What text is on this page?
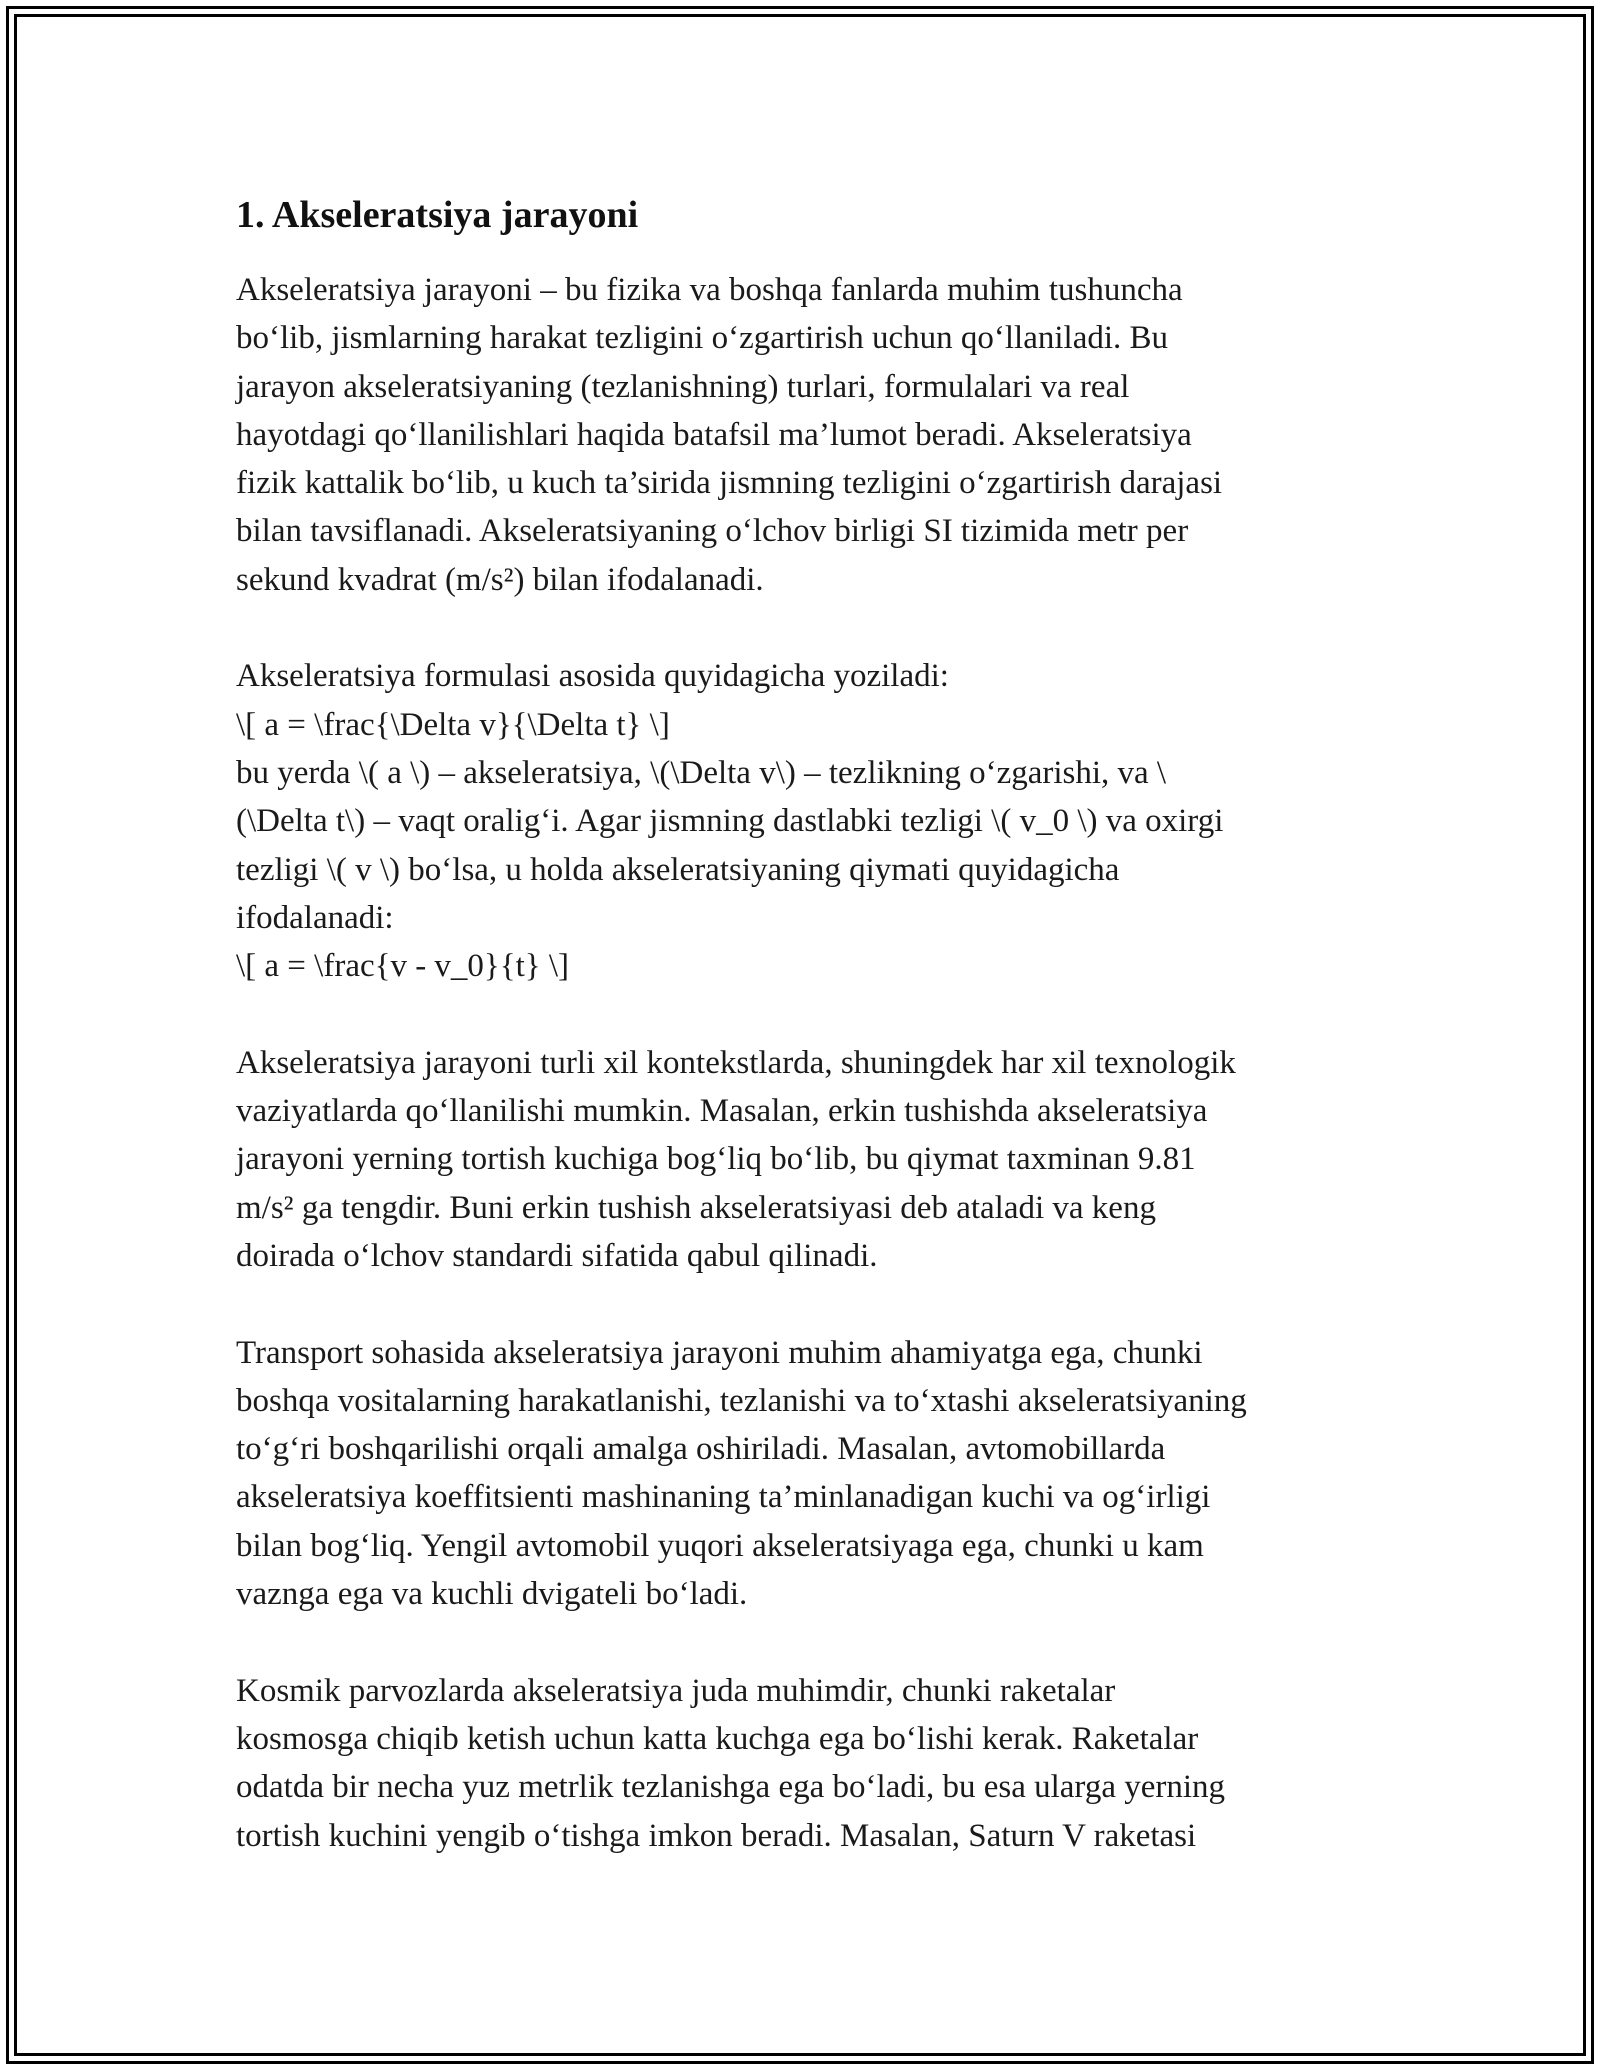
1. Akseleratsiya jarayoni
Akseleratsiya jarayoni – bu fizika va boshqa fanlarda muhim tushuncha
bo‘lib, jismlarning harakat tezligini o‘zgartirish uchun qo‘llaniladi. Bu
jarayon akseleratsiyaning (tezlanishning) turlari, formulalari va real
hayotdagi qo‘llanilishlari haqida batafsil ma’lumot beradi. Akseleratsiya
fizik kattalik bo‘lib, u kuch ta’sirida jismning tezligini o‘zgartirish darajasi
bilan tavsiflanadi. Akseleratsiyaning o‘lchov birligi SI tizimida metr per
sekund kvadrat (m/s²) bilan ifodalanadi.
Akseleratsiya formulasi asosida quyidagicha yoziladi:
\[ a = \frac{\Delta v}{\Delta t} \]
bu yerda \( a \) – akseleratsiya, \(\Delta v\) – tezlikning o‘zgarishi, va \
(\Delta t\) – vaqt oralig‘i. Agar jismning dastlabki tezligi \( v_0 \) va oxirgi
tezligi \( v \) bo‘lsa, u holda akseleratsiyaning qiymati quyidagicha
ifodalanadi:
\[ a = \frac{v - v_0}{t} \]
Akseleratsiya jarayoni turli xil kontekstlarda, shuningdek har xil texnologik
vaziyatlarda qo‘llanilishi mumkin. Masalan, erkin tushishda akseleratsiya
jarayoni yerning tortish kuchiga bog‘liq bo‘lib, bu qiymat taxminan 9.81
m/s² ga tengdir. Buni erkin tushish akseleratsiyasi deb ataladi va keng
doirada o‘lchov standardi sifatida qabul qilinadi.
Transport sohasida akseleratsiya jarayoni muhim ahamiyatga ega, chunki
boshqa vositalarning harakatlanishi, tezlanishi va to‘xtashi akseleratsiyaning
to‘g‘ri boshqarilishi orqali amalga oshiriladi. Masalan, avtomobillarda
akseleratsiya koeffitsienti mashinaning ta’minlanadigan kuchi va og‘irligi
bilan bog‘liq. Yengil avtomobil yuqori akseleratsiyaga ega, chunki u kam
vaznga ega va kuchli dvigateli bo‘ladi.
Kosmik parvozlarda akseleratsiya juda muhimdir, chunki raketalar
kosmosga chiqib ketish uchun katta kuchga ega bo‘lishi kerak. Raketalar
odatda bir necha yuz metrlik tezlanishga ega bo‘ladi, bu esa ularga yerning
tortish kuchini yengib o‘tishga imkon beradi. Masalan, Saturn V raketasi
